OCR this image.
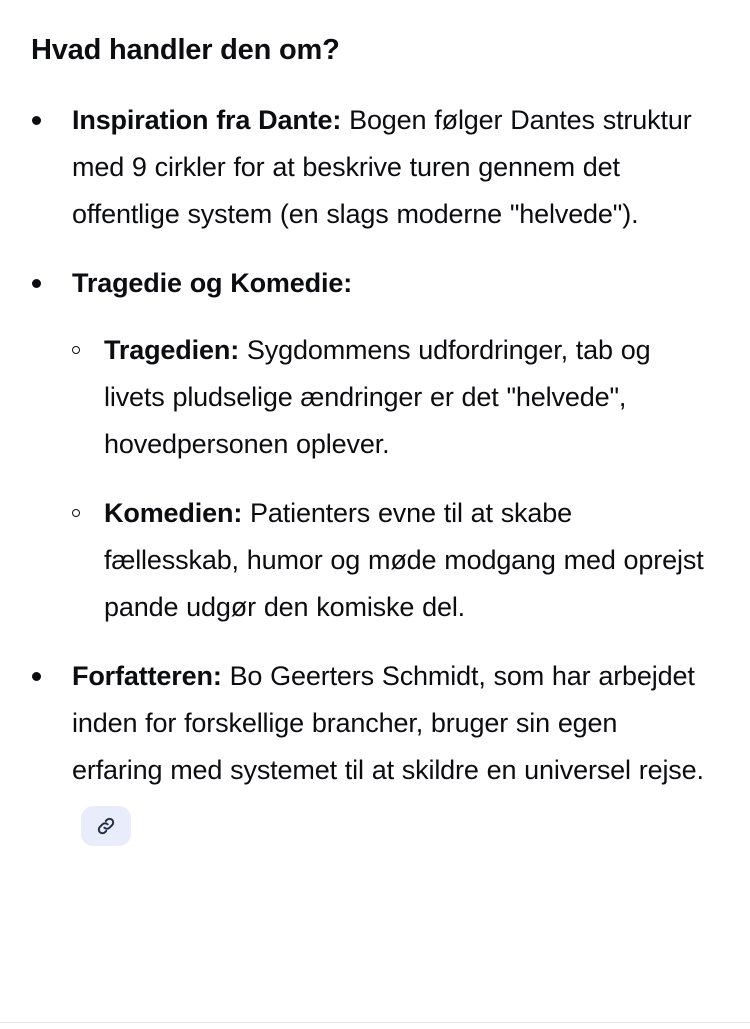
Hvad handler den om?

Inspiration fra Dante: Bogen følger Dantes struktur med 9 cirkler for at beskrive turen gennem det offentlige system (en slags moderne "helvede").

Tragedie og Komedie:

Tragedien: Sygdommens udfordringer, tab og livets pludselige ændringer er det "helvede", hovedpersonen oplever.

Komedien: Patienters evne til at skabe fællesskab, humor og møde modgang med oprejst pande udgør den komiske del.

Forfatteren: Bo Geerters Schmidt, som har arbejdet inden for forskellige brancher, bruger sin egen erfaring med systemet til at skildre en universel rejse.
